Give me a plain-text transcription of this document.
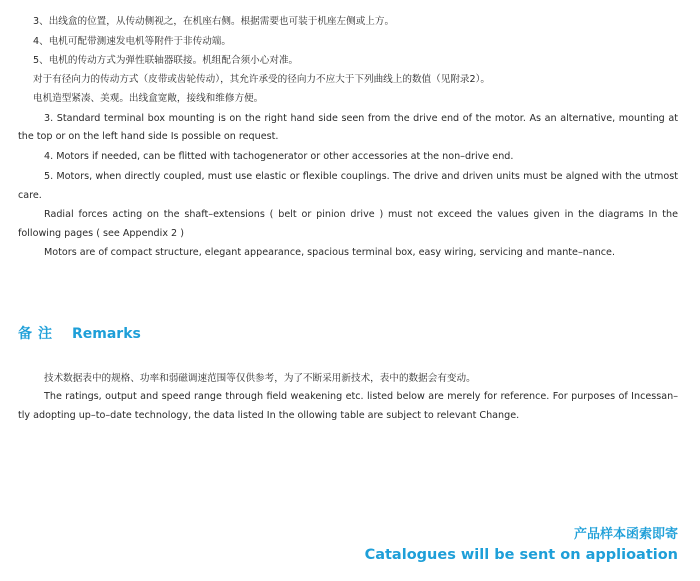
3、出线盒的位置，从传动侧视之，在机座右侧。根据需要也可装于机座左侧或上方。
4、电机可配带测速发电机等附件于非传动端。
5、电机的传动方式为弹性联轴器联接。机组配合须小心对准。
对于有径向力的传动方式（皮带或齿轮传动），其允许承受的径向力不应大于下列曲线上的数值（见附录2）。
电机造型紧凑、美观。出线盒宽敞，接线和维修方便。
3. Standard terminal box mounting is on the right hand side seen from the drive end of the motor. As an alternative, mounting at
the top or on the left hand side Is possible on request.
4. Motors if needed, can be flitted with tachogenerator or other accessories at the non–drive end.
5. Motors, when directly coupled, must use elastic or flexible couplings. The drive and driven units must be algned with the utmost
care.
Radial forces acting on the shaft–extensions ( belt or pinion drive ) must not exceed the values given in the diagrams In the
following pages ( see Appendix 2 )
Motors are of compact structure, elegant appearance, spacious terminal box, easy wiring, servicing and mante–nance.
备注 Remarks
技术数据表中的规格、功率和弱磁调速范围等仅供参考，为了不断采用新技术，表中的数据会有变动。
The ratings, output and speed range through field weakening etc. listed below are merely for reference. For purposes of Incessan–
tly adopting up–to–date technology, the data listed In the ollowing table are subject to relevant Change.
产品样本函索即寄
Catalogues will be sent on applioation
